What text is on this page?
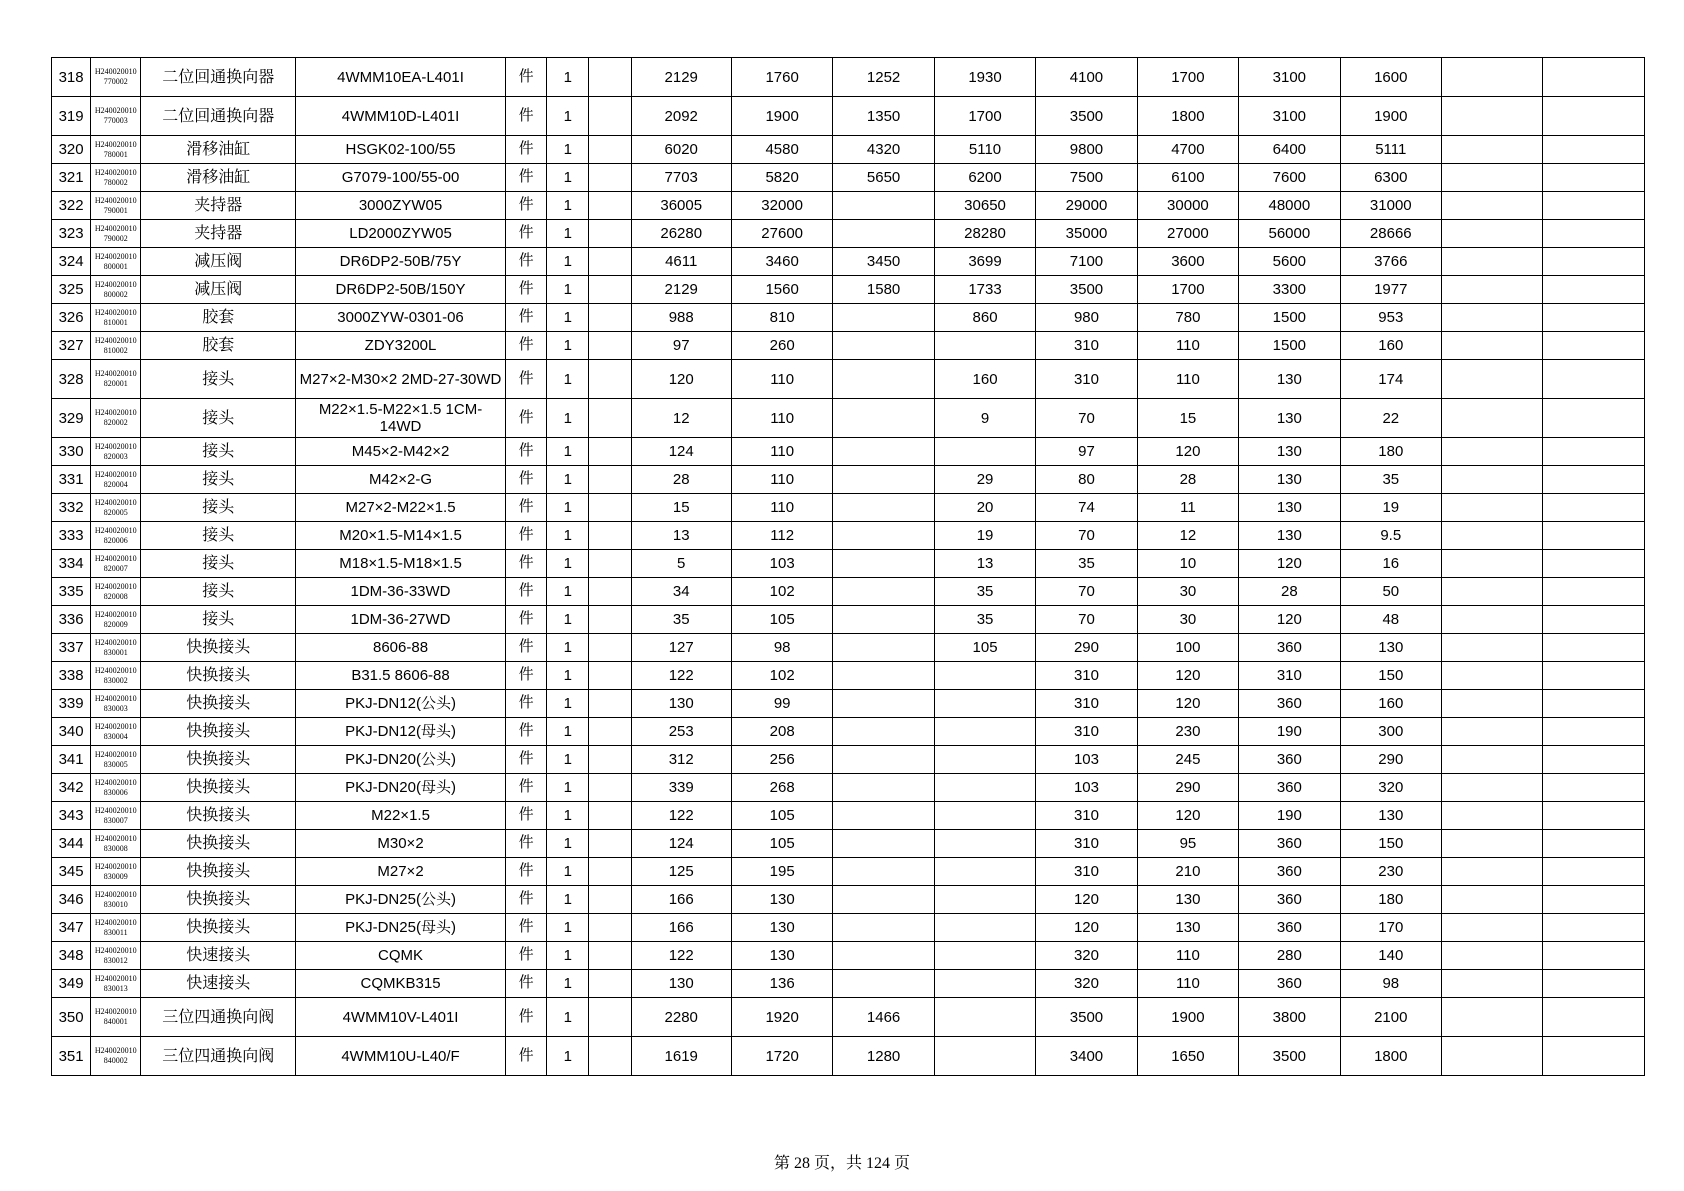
318	H240020010770002	二位回通换向器	4WMM10EA-L401I	件	1		2129	1760	1252	1930	4100	1700	3100	1600		
319	H240020010770003	二位回通换向器	4WMM10D-L401I	件	1		2092	1900	1350	1700	3500	1800	3100	1900		
320	H240020010780001	滑移油缸	HSGK02-100/55	件	1		6020	4580	4320	5110	9800	4700	6400	5111		
321	H240020010780002	滑移油缸	G7079-100/55-00	件	1		7703	5820	5650	6200	7500	6100	7600	6300		
322	H240020010790001	夹持器	3000ZYW05	件	1		36005	32000		30650	29000	30000	48000	31000		
323	H240020010790002	夹持器	LD2000ZYW05	件	1		26280	27600		28280	35000	27000	56000	28666		
324	H240020010800001	减压阀	DR6DP2-50B/75Y	件	1		4611	3460	3450	3699	7100	3600	5600	3766		
325	H240020010800002	减压阀	DR6DP2-50B/150Y	件	1		2129	1560	1580	1733	3500	1700	3300	1977		
326	H240020010810001	胶套	3000ZYW-0301-06	件	1		988	810		860	980	780	1500	953		
327	H240020010810002	胶套	ZDY3200L	件	1		97	260			310	110	1500	160		
328	H240020010820001	接头	M27×2-M30×2 2MD-27-30WD	件	1		120	110		160	310	110	130	174		
329	H240020010820002	接头	M22×1.5-M22×1.5 1CM-14WD	件	1		12	110		9	70	15	130	22		
330	H240020010820003	接头	M45×2-M42×2	件	1		124	110			97	120	130	180		
331	H240020010820004	接头	M42×2-G	件	1		28	110		29	80	28	130	35		
332	H240020010820005	接头	M27×2-M22×1.5	件	1		15	110		20	74	11	130	19		
333	H240020010820006	接头	M20×1.5-M14×1.5	件	1		13	112		19	70	12	130	9.5		
334	H240020010820007	接头	M18×1.5-M18×1.5	件	1		5	103		13	35	10	120	16		
335	H240020010820008	接头	1DM-36-33WD	件	1		34	102		35	70	30	28	50		
336	H240020010820009	接头	1DM-36-27WD	件	1		35	105		35	70	30	120	48		
337	H240020010830001	快换接头	8606-88	件	1		127	98		105	290	100	360	130		
338	H240020010830002	快换接头	B31.5 8606-88	件	1		122	102			310	120	310	150		
339	H240020010830003	快换接头	PKJ-DN12(公头)	件	1		130	99			310	120	360	160		
340	H240020010830004	快换接头	PKJ-DN12(母头)	件	1		253	208			310	230	190	300		
341	H240020010830005	快换接头	PKJ-DN20(公头)	件	1		312	256			103	245	360	290		
342	H240020010830006	快换接头	PKJ-DN20(母头)	件	1		339	268			103	290	360	320		
343	H240020010830007	快换接头	M22×1.5	件	1		122	105			310	120	190	130		
344	H240020010830008	快换接头	M30×2	件	1		124	105			310	95	360	150		
345	H240020010830009	快换接头	M27×2	件	1		125	195			310	210	360	230		
346	H240020010830010	快换接头	PKJ-DN25(公头)	件	1		166	130			120	130	360	180		
347	H240020010830011	快换接头	PKJ-DN25(母头)	件	1		166	130			120	130	360	170		
348	H240020010830012	快速接头	CQMK	件	1		122	130			320	110	280	140		
349	H240020010830013	快速接头	CQMKB315	件	1		130	136			320	110	360	98		
350	H240020010840001	三位四通换向阀	4WMM10V-L401I	件	1		2280	1920	1466		3500	1900	3800	2100		
351	H240020010840002	三位四通换向阀	4WMM10U-L40/F	件	1		1619	1720	1280		3400	1650	3500	1800		
第 28 页，共 124 页
